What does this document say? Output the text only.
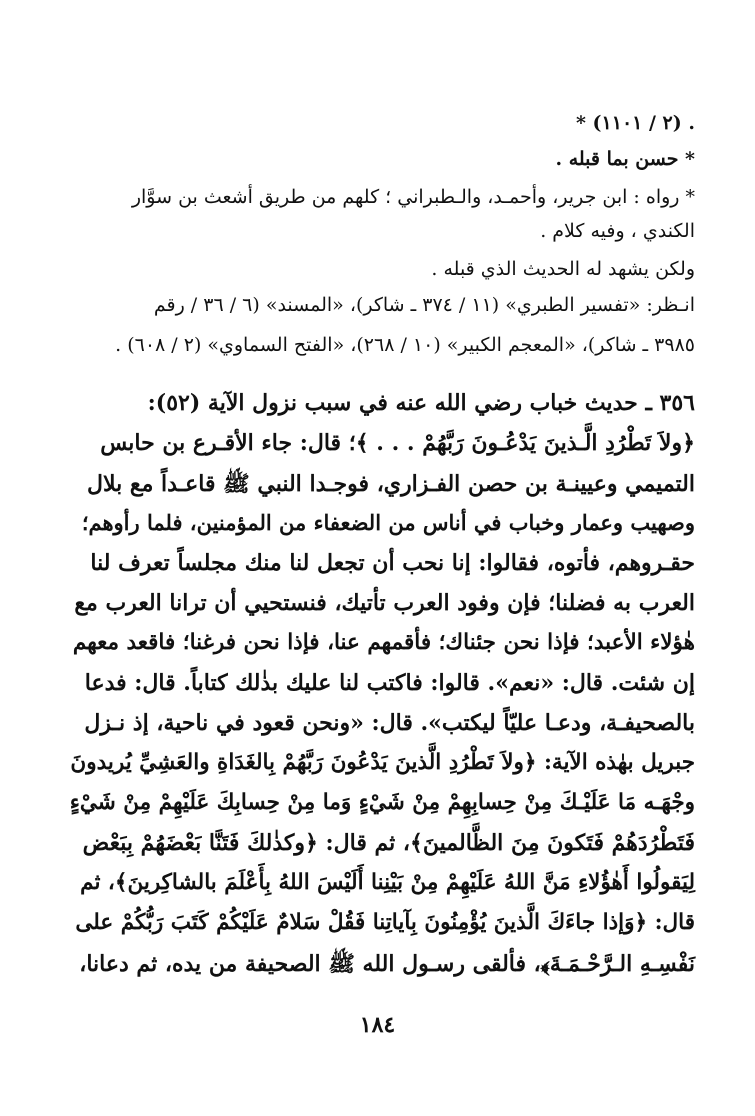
* (٢ / ١١٠١) .
* حسن بما قبله .
* رواه : ابن جرير، وأحمـد، والـطبراني ؛ كلهم من طريق أشعث بن سوَّار
الكندي ، وفيه كلام .
ولكن يشهد له الحديث الذي قبله .
انـظر: «تفسير الطبري» (١١ / ٣٧٤ ـ شاكر)، «المسند» (٦ / ٣٦ / رقم
٣٩٨٥ ـ شاكر)، «المعجم الكبير» (١٠ / ٢٦٨)، «الفتح السماوي» (٢ / ٦٠٨) .
٣٥٦ ـ حديث خباب رضي الله عنه في سبب نزول الآية (٥٢):
﴿ولاَ تَطْرُدِ الَّـذينَ يَدْعُـونَ رَبَّهُمْ . . . ﴾؛ قال: جاء الأقـرع بن حابس
التميمي وعيينـة بن حصن الفـزاري، فوجـدا النبي ﷺ قاعـداً مع بلال
وصهيب وعمار وخباب في أناس من الضعفاء من المؤمنين، فلما رأوهم؛
حقـروهم، فأتوه، فقالوا: إنا نحب أن تجعل لنا منك مجلساً تعرف لنا
العرب به فضلنا؛ فإن وفود العرب تأتيك، فنستحيي أن ترانا العرب مع
هٰؤلاء الأعبد؛ فإذا نحن جئناك؛ فأقمهم عنا، فإذا نحن فرغنا؛ فاقعد معهم
إن شئت. قال: «نعم». قالوا: فاكتب لنا عليك بذٰلك كتاباً. قال: فدعا
بالصحيفـة، ودعـا عليّاً ليكتب». قال: «ونحن قعود في ناحية، إذ نـزل
جبريل بهٰذه الآية: ﴿ولاَ تَطْرُدِ الَّذينَ يَدْعُونَ رَبَّهُمْ بِالغَدَاةِ والعَشِيِّ يُريدونَ
وجْهَـه مَا عَلَيْـكَ مِنْ حِسابِهِمْ مِنْ شَيْءٍ وَما مِنْ حِسابِكَ عَلَيْهِمْ مِنْ شَيْءٍ
فَتَطْرُدَهُمْ فَتَكونَ مِنَ الظَّالمينَ﴾، ثم قال: ﴿وكذٰلكَ فَتَنَّا بَعْضَهُمْ بِبَعْض
لِيَقولُوا أَهٰؤُلاءِ مَنَّ اللهُ عَلَيْهِمْ مِنْ بَيْنِنا أَلَيْسَ اللهُ بِأَعْلَمَ بالشاكِرينَ﴾، ثم
قال: ﴿وَإذا جاءَكَ الَّذينَ يُؤْمِنُونَ بِآياتِنا فَقُلْ سَلامٌ عَلَيْكُمْ كَتَبَ رَبُّكُمْ على
نَفْسِـهِ الـرَّحْـمَـةَ﴾، فألقى رسـول الله ﷺ الصحيفة من يده، ثم دعانا،
١٨٤
